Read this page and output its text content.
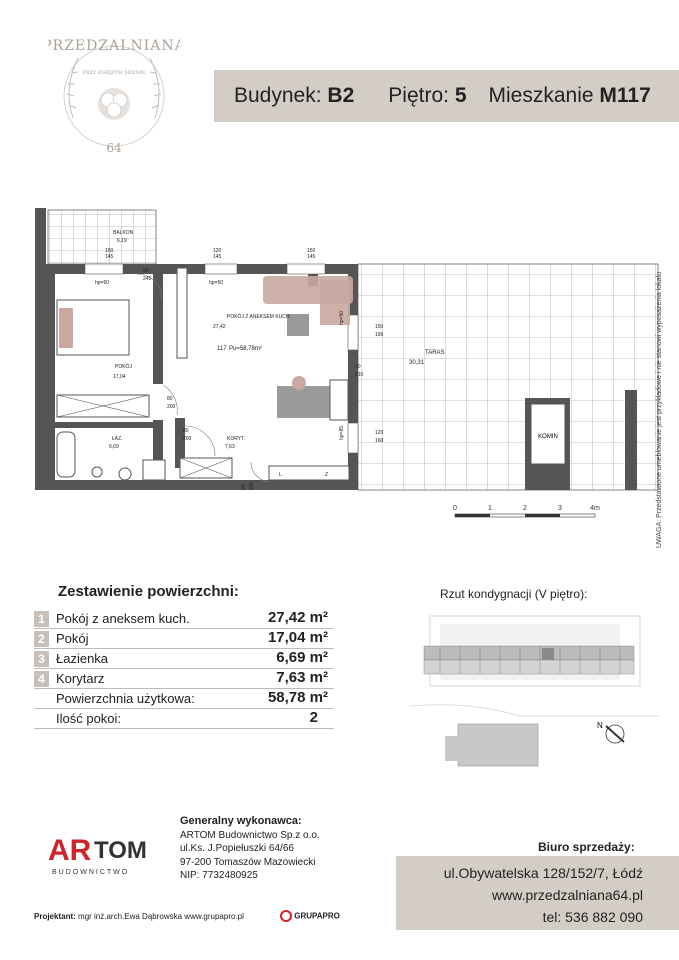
PRZEDZALNIANA
PRZY KSIĘŻYM MŁYNIE
64
Budynek: B2 Piętro: 5 Mieszkanie M117
KOMIN
BALKON
6,19
TARAS
30,31
POKÓJ Z ANEKSEM KUCH.
27,42
POKÓJ
17,04
ŁAZ.
6,69
KORYT.
7,63
117 Pu=58,78m²
hp=50	hp=50
hp=50
hp=85
150
145
120
145
150
145
150
195
120
160
90
245
90
210
80
200
80
200
90 200
L	Z
0	1	2	3	4m	UWAGA: Przedstawione umeblowanie jest przykładowe i nie stanowi wyposażenia lokalu
Zestawienie powierzchni:
1 Pokój z aneksem kuch.	27,42 m²
2 Pokój	17,04 m²
3 Łazienka	6,69 m²
4 Korytarz	7,63 m²
Powierzchnia użytkowa:	58,78 m²
Ilość pokoi:	2
Rzut kondygnacji (V piętro):
N
AR TOM
BUDOWNICTWO
Generalny wykonawca:
ARTOM Budownictwo Sp.z o.o.
ul.Ks. J.Popiełuszki 64/66
97-200 Tomaszów Mazowiecki
NIP: 7732480925
Biuro sprzedaży:
ul.Obywatelska 128/152/7, Łódź
www.przedzalniana64.pl
tel: 536 882 090
Projektant: mgr inż.arch.Ewa Dąbrowska www.grupapro.pl	GRUPAPRO
